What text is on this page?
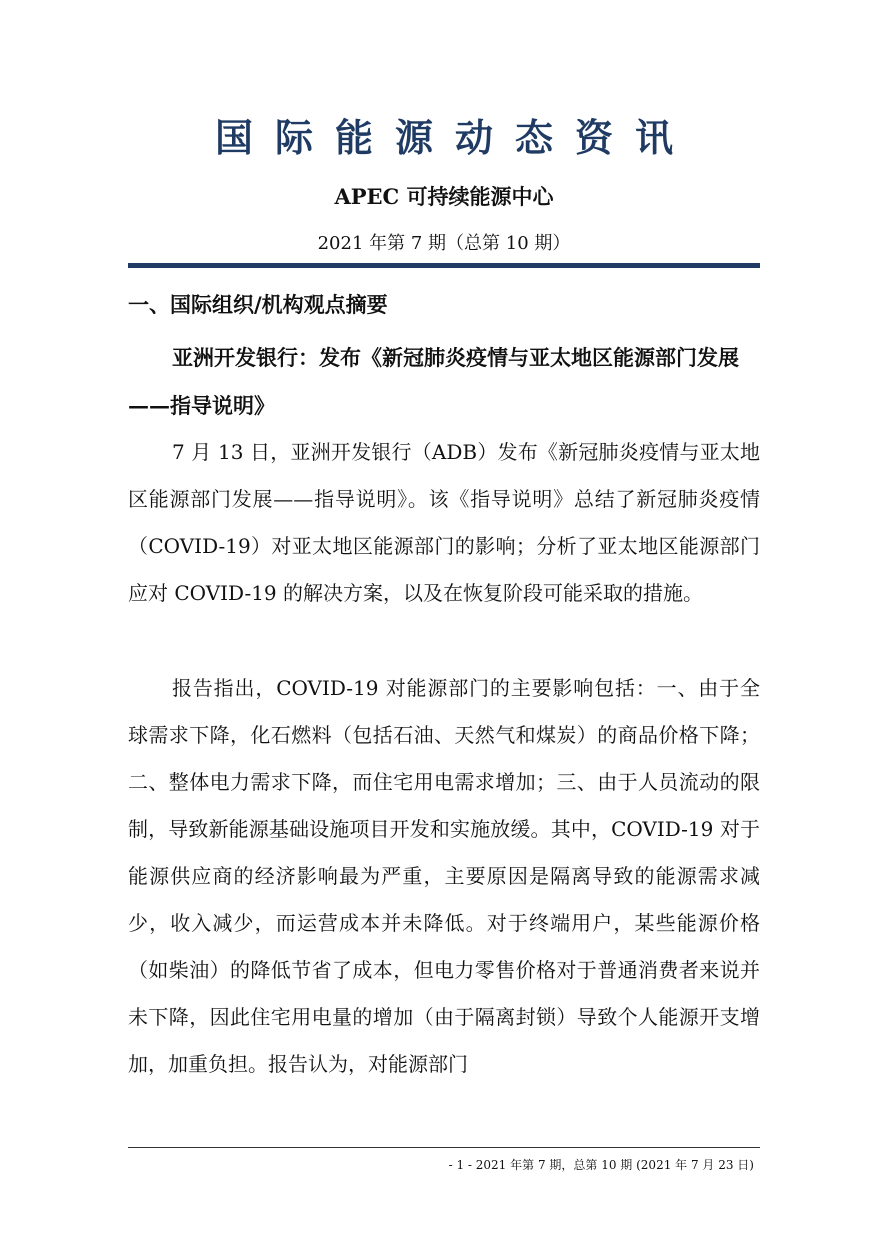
国际能源动态资讯
APEC 可持续能源中心
2021 年第 7 期（总第 10 期）
一、国际组织/机构观点摘要
亚洲开发银行：发布《新冠肺炎疫情与亚太地区能源部门发展——指导说明》

7 月 13 日，亚洲开发银行（ADB）发布《新冠肺炎疫情与亚太地区能源部门发展——指导说明》。该《指导说明》总结了新冠肺炎疫情（COVID-19）对亚太地区能源部门的影响；分析了亚太地区能源部门应对 COVID-19 的解决方案，以及在恢复阶段可能采取的措施。

报告指出，COVID-19 对能源部门的主要影响包括：一、由于全球需求下降，化石燃料（包括石油、天然气和煤炭）的商品价格下降；二、整体电力需求下降，而住宅用电需求增加；三、由于人员流动的限制，导致新能源基础设施项目开发和实施放缓。其中，COVID-19 对于能源供应商的经济影响最为严重，主要原因是隔离导致的能源需求减少，收入减少，而运营成本并未降低。对于终端用户，某些能源价格（如柴油）的降低节省了成本，但电力零售价格对于普通消费者来说并未下降，因此住宅用电量的增加（由于隔离封锁）导致个人能源开支增加，加重负担。报告认为，对能源部门

- 1 - 2021 年第 7 期，总第 10 期 (2021 年 7 月 23 日)
